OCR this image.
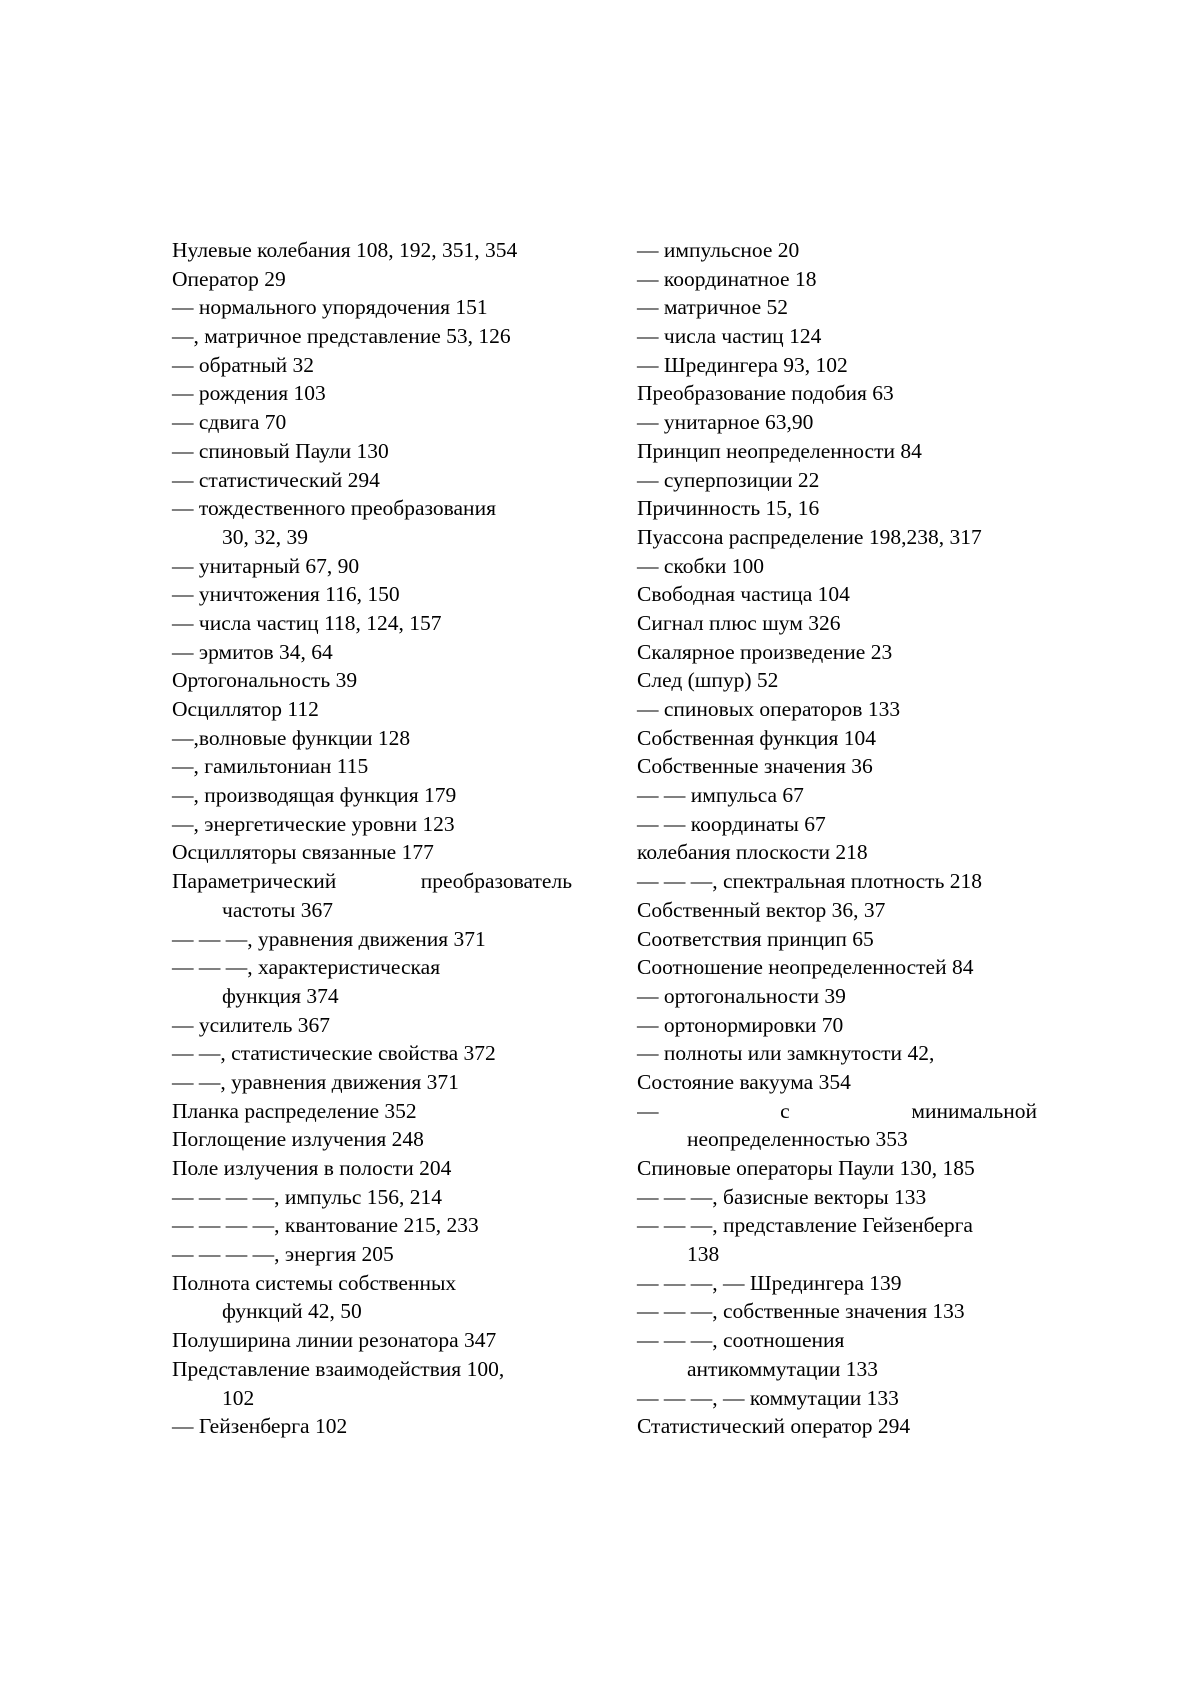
Нулевые колебания 108, 192, 351, 354
Оператор 29
— нормального упорядочения 151
—, матричное представление 53, 126
— обратный 32
— рождения 103
— сдвига 70
— спиновый Паули 130
— статистический 294
— тождественного преобразования
30, 32, 39
— унитарный 67, 90
— уничтожения 116, 150
— числа частиц 118, 124, 157
— эрмитов 34, 64
Ортогональность 39
Осциллятор 112
—,волновые функции 128
—, гамильтониан 115
—, производящая функция 179
—, энергетические уровни 123
Осцилляторы связанные 177
Параметрический преобразователь
частоты 367
— — —, уравнения движения 371
— — —, характеристическая
функция 374
— усилитель 367
— —, статистические свойства 372
— —, уравнения движения 371
Планка распределение 352
Поглощение излучения 248
Поле излучения в полости 204
— — — —, импульс 156, 214
— — — —, квантование 215, 233
— — — —, энергия 205
Полнота системы собственных
функций 42, 50
Полуширина линии резонатора 347
Представление взаимодействия 100,
102
— Гейзенберга 102
— импульсное 20
— координатное 18
— матричное 52
— числа частиц 124
— Шредингера 93, 102
Преобразование подобия 63
— унитарное 63,90
Принцип неопределенности 84
— суперпозиции 22
Причинность 15, 16
Пуассона распределение 198,238, 317
— скобки 100
Свободная частица 104
Сигнал плюс шум 326
Скалярное произведение 23
След (шпур) 52
— спиновых операторов 133
Собственная функция 104
Собственные значения 36
— — импульса 67
— — координаты 67
колебания плоскости 218
— — —, спектральная плотность 218
Собственный вектор 36, 37
Соответствия принцип 65
Соотношение неопределенностей 84
— ортогональности 39
— ортонормировки 70
— полноты или замкнутости 42,
Состояние вакуума 354
— с минимальной
неопределенностью 353
Спиновые операторы Паули 130, 185
— — —, базисные векторы 133
— — —, представление Гейзенберга
138
— — —, — Шредингера 139
— — —, собственные значения 133
— — —, соотношения
антикоммутации 133
— — —, — коммутации 133
Статистический оператор 294
